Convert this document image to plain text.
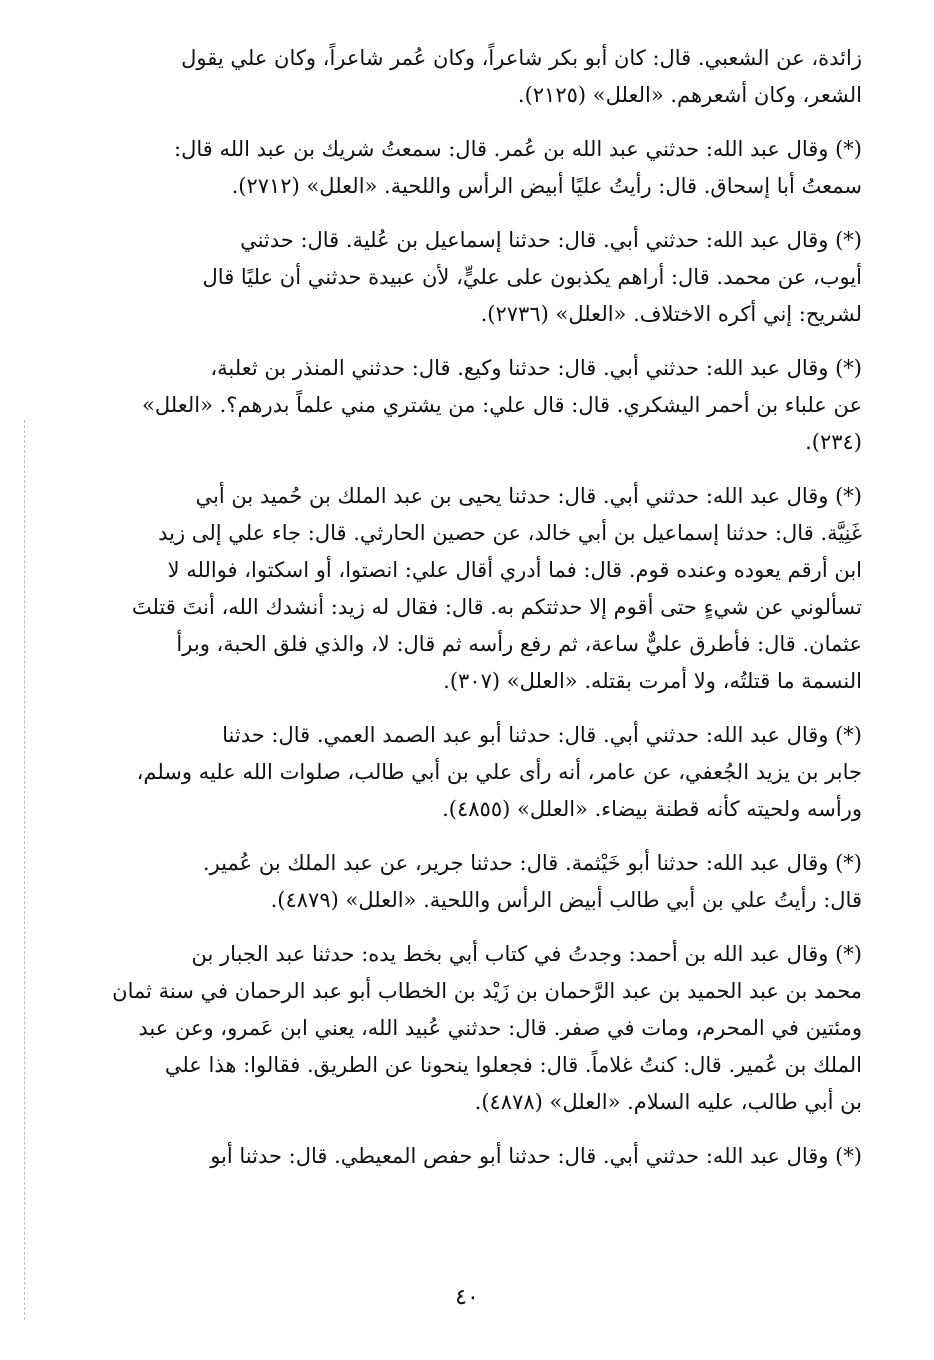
زائدة، عن الشعبي. قال: كان أبو بكر شاعراً، وكان عُمر شاعراً، وكان علي يقول
الشعر، وكان أشعرهم. «العلل» (٢١٢٥).
(*) وقال عبد الله: حدثني عبد الله بن عُمر. قال: سمعتُ شريك بن عبد الله قال:
سمعتُ أبا إسحاق. قال: رأيتُ عليًا أبيض الرأس واللحية. «العلل» (٢٧١٢).
(*) وقال عبد الله: حدثني أبي. قال: حدثنا إسماعيل بن عُلية. قال: حدثني
أيوب، عن محمد. قال: أراهم يكذبون على عليٍّ، لأن عبيدة حدثني أن عليًا قال
لشريح: إني أكره الاختلاف. «العلل» (٢٧٣٦).
(*) وقال عبد الله: حدثني أبي. قال: حدثنا وكيع. قال: حدثني المنذر بن ثعلبة،
عن علباء بن أحمر اليشكري. قال: قال علي: من يشتري مني علماً بدرهم؟. «العلل»
(٢٣٤).
(*) وقال عبد الله: حدثني أبي. قال: حدثنا يحيى بن عبد الملك بن حُميد بن أبي
غَنِيَّة. قال: حدثنا إسماعيل بن أبي خالد، عن حصين الحارثي. قال: جاء علي إلى زيد
ابن أرقم يعوده وعنده قوم. قال: فما أدري أقال علي: انصتوا، أو اسكتوا، فوالله لا
تسألوني عن شيءٍ حتى أقوم إلا حدثتكم به. قال: فقال له زيد: أنشدك الله، أنتَ قتلتَ
عثمان. قال: فأطرق عليٌّ ساعة، ثم رفع رأسه ثم قال: لا، والذي فلق الحبة، وبرأ
النسمة ما قتلتُه، ولا أمرت بقتله. «العلل» (٣٠٧).
(*) وقال عبد الله: حدثني أبي. قال: حدثنا أبو عبد الصمد العمي. قال: حدثنا
جابر بن يزيد الجُعفي، عن عامر، أنه رأى علي بن أبي طالب، صلوات الله عليه وسلم،
ورأسه ولحيته كأنه قطنة بيضاء. «العلل» (٤٨٥٥).
(*) وقال عبد الله: حدثنا أبو خَيْثمة. قال: حدثنا جرير، عن عبد الملك بن عُمير.
قال: رأيتُ علي بن أبي طالب أبيض الرأس واللحية. «العلل» (٤٨٧٩).
(*) وقال عبد الله بن أحمد: وجدتُ في كتاب أبي بخط يده: حدثنا عبد الجبار بن
محمد بن عبد الحميد بن عبد الرَّحمان بن زَيْد بن الخطاب أبو عبد الرحمان في سنة ثمان
ومئتين في المحرم، ومات في صفر. قال: حدثني عُبيد الله، يعني ابن عَمرو، وعن عبد
الملك بن عُمير. قال: كنتُ غلاماً. قال: فجعلوا ينحونا عن الطريق. فقالوا: هذا علي
بن أبي طالب، عليه السلام. «العلل» (٤٨٧٨).
(*) وقال عبد الله: حدثني أبي. قال: حدثنا أبو حفص المعيطي. قال: حدثنا أبو
٤٠
